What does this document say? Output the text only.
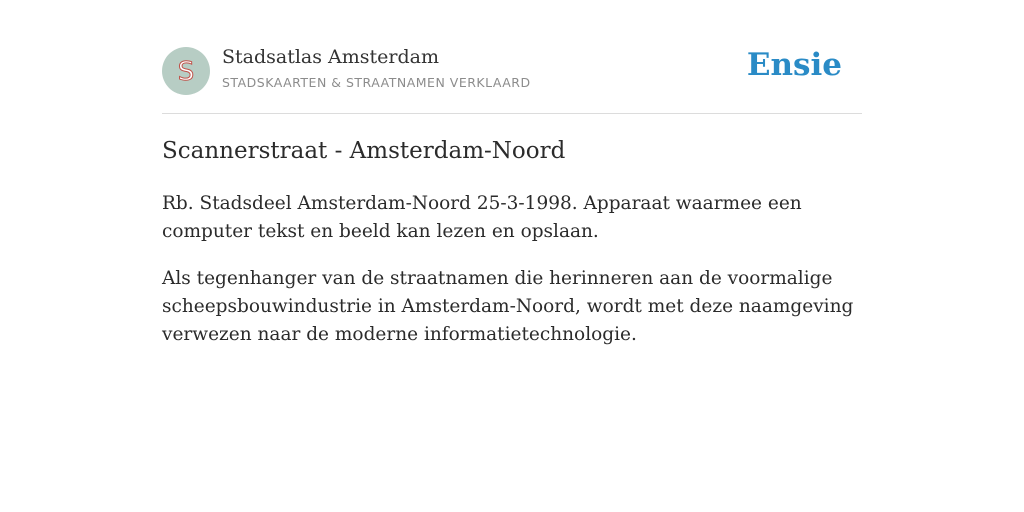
S Stadsatlas Amsterdam
STADSKAARTEN & STRAATNAMEN VERKLAARD	Ensie
Scannerstraat - Amsterdam-Noord

Rb. Stadsdeel Amsterdam-Noord 25-3-1998. Apparaat waarmee een computer tekst en beeld kan lezen en opslaan.

Als tegenhanger van de straatnamen die herinneren aan de voormalige scheepsbouwindustrie in Amsterdam-Noord, wordt met deze naamgeving verwezen naar de moderne informatietechnologie.
